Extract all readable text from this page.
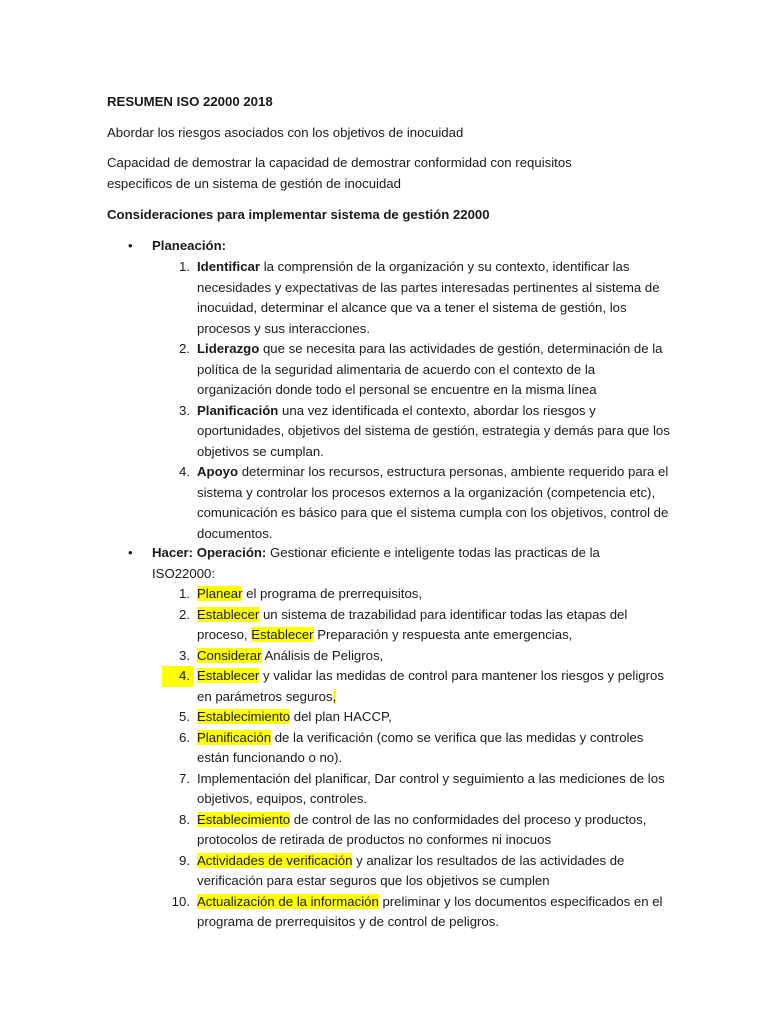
RESUMEN ISO 22000 2018

Abordar los riesgos asociados con los objetivos de inocuidad

Capacidad de demostrar la capacidad de demostrar conformidad con requisitos especificos de un sistema de gestión de inocuidad

Consideraciones para implementar sistema de gestión 22000

•	Planeación:
1. Identificar la comprensión de la organización y su contexto, identificar las necesidades y expectativas de las partes interesadas pertinentes al sistema de inocuidad, determinar el alcance que va a tener el sistema de gestión, los procesos y sus interacciones.
2. Liderazgo que se necesita para las actividades de gestión, determinación de la política de la seguridad alimentaria de acuerdo con el contexto de la organización donde todo el personal se encuentre en la misma línea
3. Planificación una vez identificada el contexto, abordar los riesgos y oportunidades, objetivos del sistema de gestión, estrategia y demás para que los objetivos se cumplan.
4. Apoyo determinar los recursos, estructura personas, ambiente requerido para el sistema y controlar los procesos externos a la organización (competencia etc), comunicación es básico para que el sistema cumpla con los objetivos, control de documentos.
•	Hacer: Operación: Gestionar eficiente e inteligente todas las practicas de la ISO22000:
1. Planear el programa de prerrequisitos,
2. Establecer un sistema de trazabilidad para identificar todas las etapas del proceso, Establecer Preparación y respuesta ante emergencias,
3. Considerar Análisis de Peligros,
4. Establecer y validar las medidas de control para mantener los riesgos y peligros en parámetros seguros,
5. Establecimiento del plan HACCP,
6. Planificación de la verificación (como se verifica que las medidas y controles están funcionando o no).
7. Implementación del planificar, Dar control y seguimiento a las mediciones de los objetivos, equipos, controles.
8. Establecimiento de control de las no conformidades del proceso y productos, protocolos de retirada de productos no conformes ni inocuos
9. Actividades de verificación y analizar los resultados de las actividades de verificación para estar seguros que los objetivos se cumplen
10. Actualización de la información preliminar y los documentos especificados en el programa de prerrequisitos y de control de peligros.
